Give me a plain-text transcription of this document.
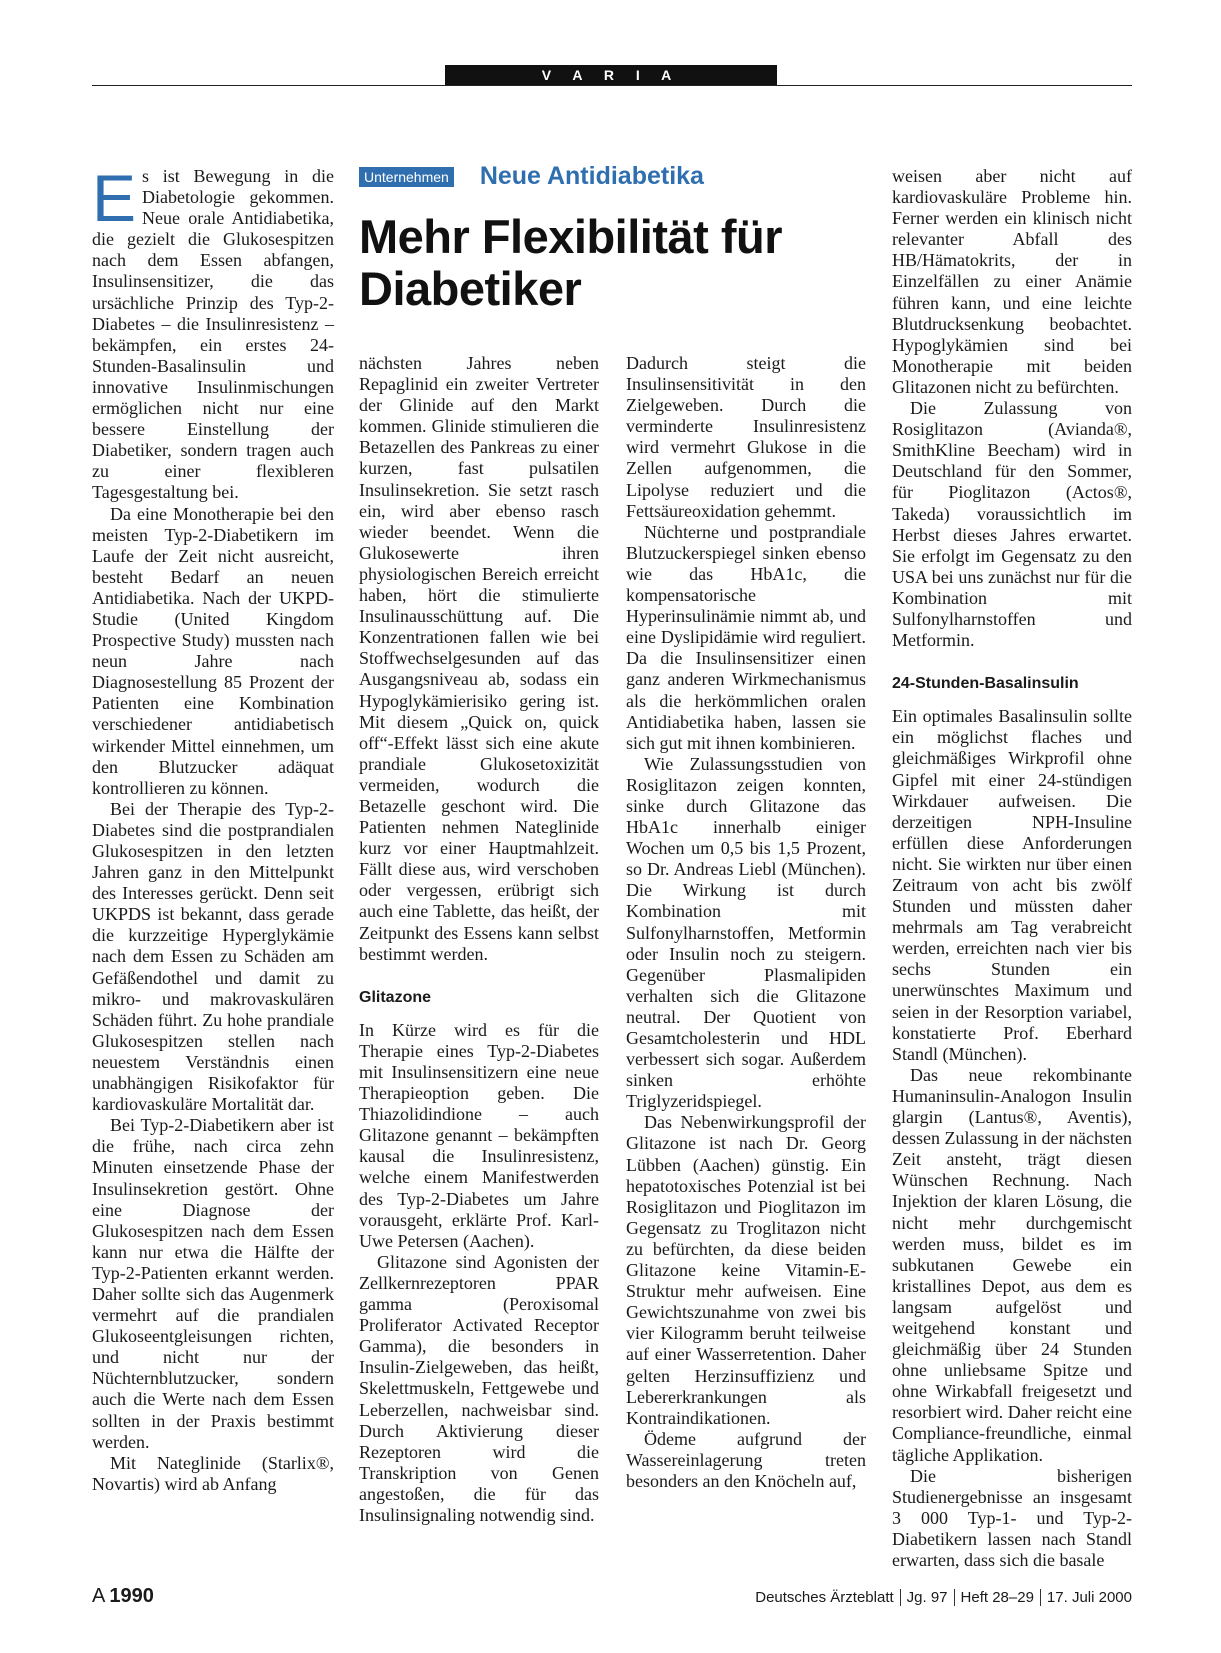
V A R I A
Unternehmen Neue Antidiabetika
Mehr Flexibilität für Diabetiker

Es ist Bewegung in die Diabetologie gekommen. Neue orale Antidiabetika, die gezielt die Glukosespitzen nach dem Essen abfangen, Insulinsensitizer, die das ursächliche Prinzip des Typ-2-Diabetes – die Insulinresistenz – bekämpfen, ein erstes 24-Stunden-Basalinsulin und innovative Insulinmischungen ermöglichen nicht nur eine bessere Einstellung der Diabetiker, sondern tragen auch zu einer flexibleren Tagesgestaltung bei.

Da eine Monotherapie bei den meisten Typ-2-Diabetikern im Laufe der Zeit nicht ausreicht, besteht Bedarf an neuen Antidiabetika. Nach der UKPD-Studie (United Kingdom Prospective Study) mussten nach neun Jahre nach Diagnosestellung 85 Prozent der Patienten eine Kombination verschiedener antidiabetisch wirkender Mittel einnehmen, um den Blutzucker adäquat kontrollieren zu können.

Bei der Therapie des Typ-2-Diabetes sind die postprandialen Glukosespitzen in den letzten Jahren ganz in den Mittelpunkt des Interesses gerückt. Denn seit UKPDS ist bekannt, dass gerade die kurzzeitige Hyperglykämie nach dem Essen zu Schäden am Gefäßendothel und damit zu mikro- und makrovaskulären Schäden führt. Zu hohe prandiale Glukosespitzen stellen nach neuestem Verständnis einen unabhängigen Risikofaktor für kardiovaskuläre Mortalität dar.

Bei Typ-2-Diabetikern aber ist die frühe, nach circa zehn Minuten einsetzende Phase der Insulinsekretion gestört. Ohne eine Diagnose der Glukosespitzen nach dem Essen kann nur etwa die Hälfte der Typ-2-Patienten erkannt werden. Daher sollte sich das Augenmerk vermehrt auf die prandialen Glukoseentgleisungen richten, und nicht nur der Nüchternblutzucker, sondern auch die Werte nach dem Essen sollten in der Praxis bestimmt werden.

Mit Nateglinide (Starlix®, Novartis) wird ab Anfang

nächsten Jahres neben Repaglinid ein zweiter Vertreter der Glinide auf den Markt kommen. Glinide stimulieren die Betazellen des Pankreas zu einer kurzen, fast pulsatilen Insulinsekretion. Sie setzt rasch ein, wird aber ebenso rasch wieder beendet. Wenn die Glukosewerte ihren physiologischen Bereich erreicht haben, hört die stimulierte Insulinausschüttung auf. Die Konzentrationen fallen wie bei Stoffwechselgesunden auf das Ausgangsniveau ab, sodass ein Hypoglykämierisiko gering ist. Mit diesem „Quick on, quick off“-Effekt lässt sich eine akute prandiale Glukosetoxizität vermeiden, wodurch die Betazelle geschont wird. Die Patienten nehmen Nateglinide kurz vor einer Hauptmahlzeit. Fällt diese aus, wird verschoben oder vergessen, erübrigt sich auch eine Tablette, das heißt, der Zeitpunkt des Essens kann selbst bestimmt werden.

Glitazone

In Kürze wird es für die Therapie eines Typ-2-Diabetes mit Insulinsensitizern eine neue Therapieoption geben. Die Thiazolidindione – auch Glitazone genannt – bekämpften kausal die Insulinresistenz, welche einem Manifestwerden des Typ-2-Diabetes um Jahre vorausgeht, erklärte Prof. Karl-Uwe Petersen (Aachen).

Glitazone sind Agonisten der Zellkernrezeptoren PPAR gamma (Peroxisomal Proliferator Activated Receptor Gamma), die besonders in Insulin-Zielgeweben, das heißt, Skelettmuskeln, Fettgewebe und Leberzellen, nachweisbar sind. Durch Aktivierung dieser Rezeptoren wird die Transkription von Genen angestoßen, die für das Insulinsignaling notwendig sind.

Dadurch steigt die Insulinsensitivität in den Zielgeweben. Durch die verminderte Insulinresistenz wird vermehrt Glukose in die Zellen aufgenommen, die Lipolyse reduziert und die Fettsäureoxidation gehemmt.

Nüchterne und postprandiale Blutzuckerspiegel sinken ebenso wie das HbA1c, die kompensatorische Hyperinsulinämie nimmt ab, und eine Dyslipidämie wird reguliert. Da die Insulinsensitizer einen ganz anderen Wirkmechanismus als die herkömmlichen oralen Antidiabetika haben, lassen sie sich gut mit ihnen kombinieren.

Wie Zulassungsstudien von Rosiglitazon zeigen konnten, sinke durch Glitazone das HbA1c innerhalb einiger Wochen um 0,5 bis 1,5 Prozent, so Dr. Andreas Liebl (München). Die Wirkung ist durch Kombination mit Sulfonylharnstoffen, Metformin oder Insulin noch zu steigern. Gegenüber Plasmalipiden verhalten sich die Glitazone neutral. Der Quotient von Gesamtcholesterin und HDL verbessert sich sogar. Außerdem sinken erhöhte Triglyzeridspiegel.

Das Nebenwirkungsprofil der Glitazone ist nach Dr. Georg Lübben (Aachen) günstig. Ein hepatotoxisches Potenzial ist bei Rosiglitazon und Pioglitazon im Gegensatz zu Troglitazon nicht zu befürchten, da diese beiden Glitazone keine Vitamin-E-Struktur mehr aufweisen. Eine Gewichtszunahme von zwei bis vier Kilogramm beruht teilweise auf einer Wasserretention. Daher gelten Herzinsuffizienz und Lebererkrankungen als Kontraindikationen.

Ödeme aufgrund der Wassereinlagerung treten besonders an den Knöcheln auf,

weisen aber nicht auf kardiovaskuläre Probleme hin. Ferner werden ein klinisch nicht relevanter Abfall des HB/Hämatokrits, der in Einzelfällen zu einer Anämie führen kann, und eine leichte Blutdrucksenkung beobachtet. Hypoglykämien sind bei Monotherapie mit beiden Glitazonen nicht zu befürchten.

Die Zulassung von Rosiglitazon (Avianda®, SmithKline Beecham) wird in Deutschland für den Sommer, für Pioglitazon (Actos®, Takeda) voraussichtlich im Herbst dieses Jahres erwartet. Sie erfolgt im Gegensatz zu den USA bei uns zunächst nur für die Kombination mit Sulfonylharnstoffen und Metformin.

24-Stunden-Basalinsulin

Ein optimales Basalinsulin sollte ein möglichst flaches und gleichmäßiges Wirkprofil ohne Gipfel mit einer 24-stündigen Wirkdauer aufweisen. Die derzeitigen NPH-Insuline erfüllen diese Anforderungen nicht. Sie wirkten nur über einen Zeitraum von acht bis zwölf Stunden und müssten daher mehrmals am Tag verabreicht werden, erreichten nach vier bis sechs Stunden ein unerwünschtes Maximum und seien in der Resorption variabel, konstatierte Prof. Eberhard Standl (München).

Das neue rekombinante Humaninsulin-Analogon Insulin glargin (Lantus®, Aventis), dessen Zulassung in der nächsten Zeit ansteht, trägt diesen Wünschen Rechnung. Nach Injektion der klaren Lösung, die nicht mehr durchgemischt werden muss, bildet es im subkutanen Gewebe ein kristallines Depot, aus dem es langsam aufgelöst und weitgehend konstant und gleichmäßig über 24 Stunden ohne unliebsame Spitze und ohne Wirkabfall freigesetzt und resorbiert wird. Daher reicht eine Compliance-freundliche, einmal tägliche Applikation.

Die bisherigen Studienergebnisse an insgesamt 3 000 Typ-1- und Typ-2-Diabetikern lassen nach Standl erwarten, dass sich die basale

A 1990	Deutsches Ärzteblatt Jg. 97 Heft 28–29 17. Juli 2000
